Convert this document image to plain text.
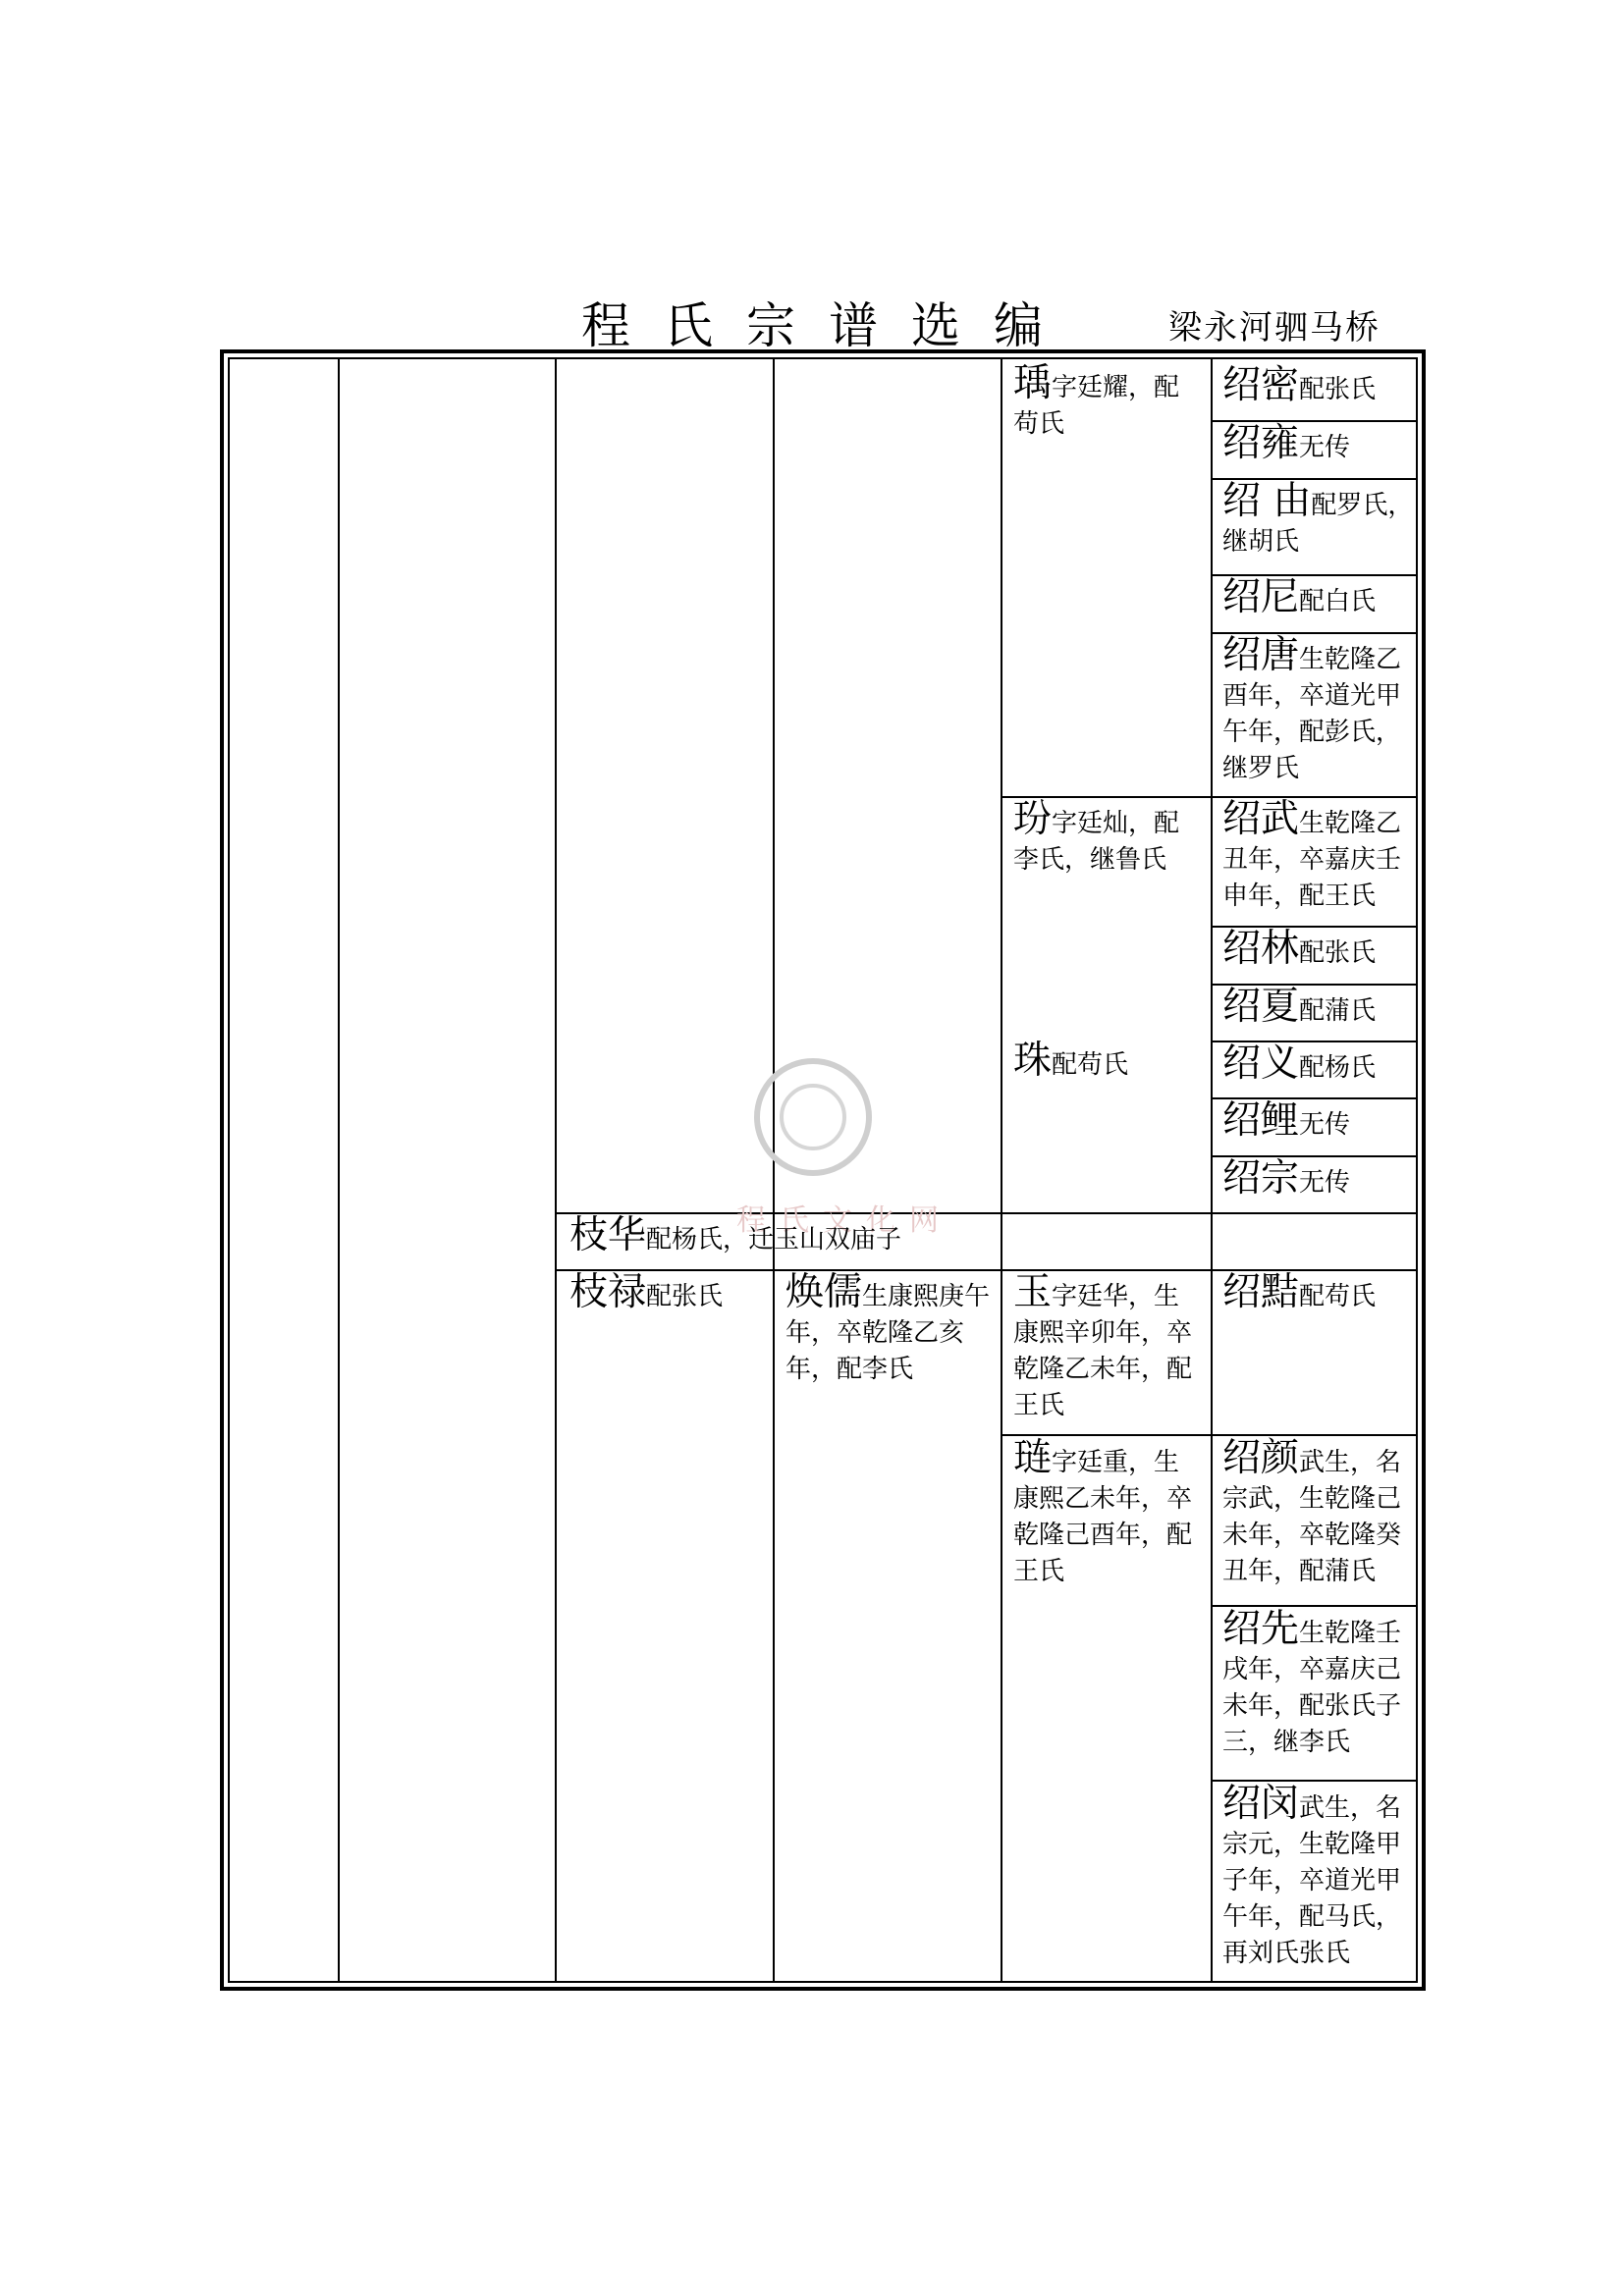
程氏宗谱选编	梁永河驷马桥
程氏文化网
瑀字廷耀，配苟氏
玢字廷灿，配李氏，继鲁氏
珠配苟氏
玉字廷华，生康熙辛卯年，卒乾隆乙未年，配王氏
琏字廷重，生康熙乙未年，卒乾隆己酉年，配王氏
绍密配张氏
绍雍无传
绍 由配罗氏，继胡氏
绍尼配白氏
绍唐生乾隆乙酉年，卒道光甲午年，配彭氏，继罗氏
绍武生乾隆乙丑年，卒嘉庆壬申年，配王氏
绍林配张氏
绍夏配蒲氏
绍义配杨氏
绍鲤无传
绍宗无传
绍黠配苟氏
绍颜武生，名宗武，生乾隆己未年，卒乾隆癸丑年，配蒲氏
绍先生乾隆壬戌年，卒嘉庆己未年，配张氏子三，继李氏
绍闵武生，名宗元，生乾隆甲子年，卒道光甲午年，配马氏，再刘氏张氏
枝华配杨氏，迁玉山双庙子
枝禄配张氏	焕儒生康熙庚午年，卒乾隆乙亥年，配李氏
